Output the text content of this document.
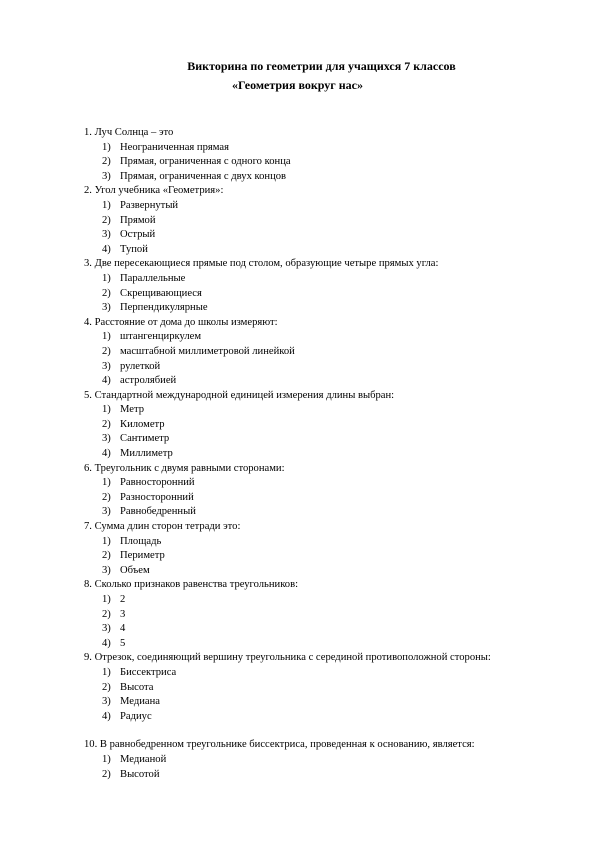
Викторина по геометрии для учащихся 7 классов
«Геометрия вокруг нас»
1. Луч Солнца – это
1) Неограниченная прямая
2) Прямая, ограниченная с одного конца
3) Прямая, ограниченная с двух концов
2. Угол учебника «Геометрия»:
1) Развернутый
2) Прямой
3) Острый
4) Тупой
3. Две пересекающиеся прямые под столом, образующие четыре прямых угла:
1) Параллельные
2) Скрещивающиеся
3) Перпендикулярные
4. Расстояние от дома до школы измеряют:
1) штангенциркулем
2) масштабной миллиметровой линейкой
3) рулеткой
4) астролябией
5. Стандартной международной единицей измерения длины выбран:
1) Метр
2) Километр
3) Сантиметр
4) Миллиметр
6. Треугольник с двумя равными сторонами:
1) Равносторонний
2) Разносторонний
3) Равнобедренный
7. Сумма длин сторон тетради это:
1) Площадь
2) Периметр
3) Объем
8. Сколько признаков равенства треугольников:
1) 2
2) 3
3) 4
4) 5
9. Отрезок, соединяющий вершину треугольника с серединой противоположной стороны:
1) Биссектриса
2) Высота
3) Медиана
4) Радиус
10. В равнобедренном треугольнике биссектриса, проведенная к основанию, является:
1) Медианой
2) Высотой
